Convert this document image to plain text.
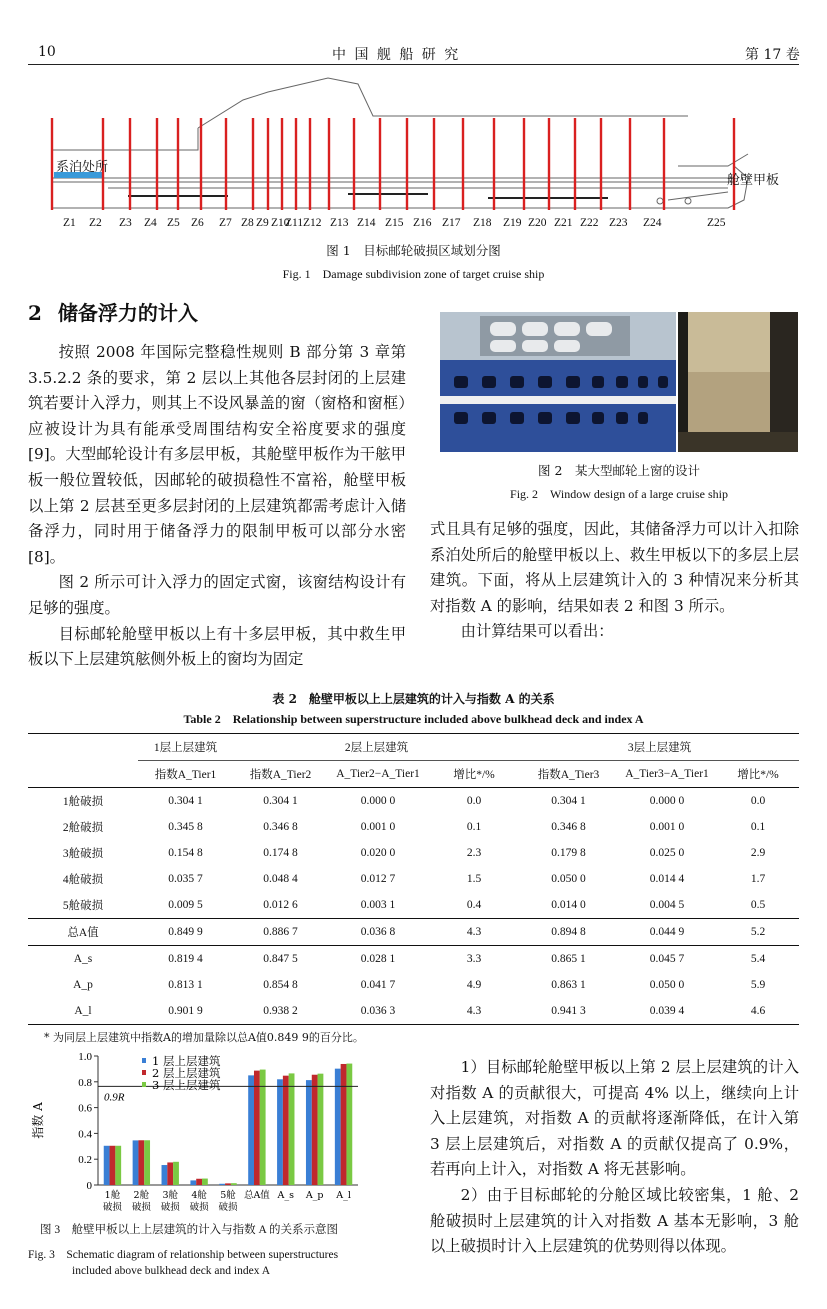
10	中 国 舰 船 研 究	第 17 卷
系泊处所
舱壁甲板
Z1 Z2 Z3 Z4 Z5 Z6 Z7 Z8 Z9 Z10
Z11 Z12 Z13 Z14 Z15 Z16 Z17 Z18 Z19 Z20 Z21 Z22 Z23 Z24	Z25
图 1　目标邮轮破损区域划分图
Fig. 1　Damage subdivision zone of target cruise ship
2 储备浮力的计入

按照 2008 年国际完整稳性规则 B 部分第 3 章第 3.5.2.2 条的要求，第 2 层以上其他各层封闭的上层建筑若要计入浮力，则其上不设风暴盖的窗（窗格和窗框）应被设计为具有能承受周围结构安全裕度要求的强度[9]。大型邮轮设计有多层甲板，其舱壁甲板作为干舷甲板一般位置较低，因邮轮的破损稳性不富裕，舱壁甲板以上第 2 层甚至更多层封闭的上层建筑都需考虑计入储备浮力，同时用于储备浮力的限制甲板可以部分水密[8]。

图 2 所示可计入浮力的固定式窗，该窗结构设计有足够的强度。

目标邮轮舱壁甲板以上有十多层甲板，其中救生甲板以下上层建筑舷侧外板上的窗均为固定

图 2　某大型邮轮上窗的设计
Fig. 2　Window design of a large cruise ship

式且具有足够的强度，因此，其储备浮力可以计入扣除系泊处所后的舱壁甲板以上、救生甲板以下的多层上层建筑。下面，将从上层建筑计入的 3 种情况来分析其对指数 A 的影响，结果如表 2 和图 3 所示。

由计算结果可以看出：

表 2　舱壁甲板以上上层建筑的计入与指数 A 的关系
Table 2　Relationship between superstructure included above bulkhead deck and index A
	1层上层建筑	2层上层建筑			3层上层建筑		
	指数A_Tier1	指数A_Tier2	A_Tier2−A_Tier1	增比*/%	指数A_Tier3	A_Tier3−A_Tier1	增比*/%
1舱破损	0.304 1	0.304 1	0.000 0	0.0	0.304 1	0.000 0	0.0
2舱破损	0.345 8	0.346 8	0.001 0	0.1	0.346 8	0.001 0	0.1
3舱破损	0.154 8	0.174 8	0.020 0	2.3	0.179 8	0.025 0	2.9
4舱破损	0.035 7	0.048 4	0.012 7	1.5	0.050 0	0.014 4	1.7
5舱破损	0.009 5	0.012 6	0.003 1	0.4	0.014 0	0.004 5	0.5
总A值	0.849 9	0.886 7	0.036 8	4.3	0.894 8	0.044 9	5.2
A_s	0.819 4	0.847 5	0.028 1	3.3	0.865 1	0.045 7	5.4
A_p	0.813 1	0.854 8	0.041 7	4.9	0.863 1	0.050 0	5.9
A_l	0.901 9	0.938 2	0.036 3	4.3	0.941 3	0.039 4	4.6
* 为同层上层建筑中指数A的增加量除以总A值0.849 9的百分比。
0
0.2
0.4
0.6
0.8
1.0
指数 A
1舱破损
2舱破损
3舱破损
4舱破损
5舱破损
总A值 A_s A_p A_l
0.9R
1 层上层建筑
2 层上层建筑
3 层上层建筑
图 3　舱壁甲板以上上层建筑的计入与指数 A 的关系示意图
Fig. 3　Schematic diagram of relationship between superstructures
included above bulkhead deck and index A

1）目标邮轮舱壁甲板以上第 2 层上层建筑的计入对指数 A 的贡献很大，可提高 4% 以上，继续向上计入上层建筑，对指数 A 的贡献将逐渐降低，在计入第 3 层上层建筑后，对指数 A 的贡献仅提高了 0.9%，若再向上计入，对指数 A 将无甚影响。

2）由于目标邮轮的分舱区域比较密集，1 舱、2 舱破损时上层建筑的计入对指数 A 基本无影响，3 舱以上破损时计入上层建筑的优势则得以体现。
